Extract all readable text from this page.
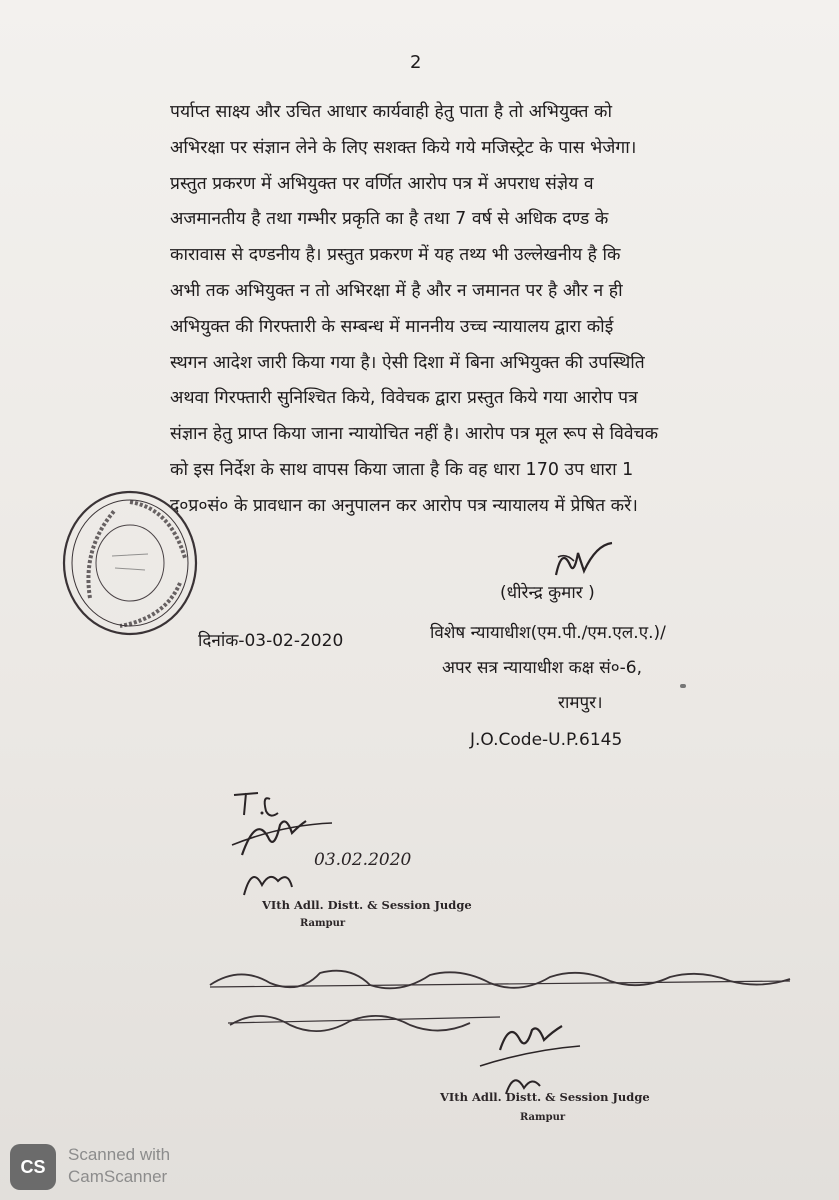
2
पर्याप्त साक्ष्य और उचित आधार कार्यवाही हेतु पाता है तो अभियुक्त को
अभिरक्षा पर संज्ञान लेने के लिए सशक्त किये गये मजिस्ट्रेट के पास भेजेगा।
प्रस्तुत प्रकरण में अभियुक्त पर वर्णित आरोप पत्र में अपराध संज्ञेय व
अजमानतीय है तथा गम्भीर प्रकृति का है तथा 7 वर्ष से अधिक दण्ड के
कारावास से दण्डनीय है। प्रस्तुत प्रकरण में यह तथ्य भी उल्लेखनीय है कि
अभी तक अभियुक्त न तो अभिरक्षा में है और न जमानत पर है और न ही
अभियुक्त की गिरफ्तारी के सम्बन्ध में माननीय उच्च न्यायालय द्वारा कोई
स्थगन आदेश जारी किया गया है। ऐसी दिशा में बिना अभियुक्त की उपस्थिति
अथवा गिरफ्तारी सुनिश्चित किये, विवेचक द्वारा प्रस्तुत किये गया आरोप पत्र
संज्ञान हेतु प्राप्त किया जाना न्यायोचित नहीं है। आरोप पत्र मूल रूप से विवेचक
को इस निर्देश के साथ वापस किया जाता है कि वह धारा 170 उप धारा 1
द०प्र०सं० के प्रावधान का अनुपालन कर आरोप पत्र न्यायालय में प्रेषित करें।
(धीरेन्द्र कुमार )
दिनांक-03-02-2020	विशेष न्यायाधीश(एम.पी./एम.एल.ए.)/
अपर सत्र न्यायाधीश कक्ष सं०-6,
रामपुर।
J.O.Code-U.P.6145
03.02.2020
VIth Adll. Distt. & Session Judge
Rampur
VIth Adll. Distt. & Session Judge
Rampur
CS
Scanned with
CamScanner
